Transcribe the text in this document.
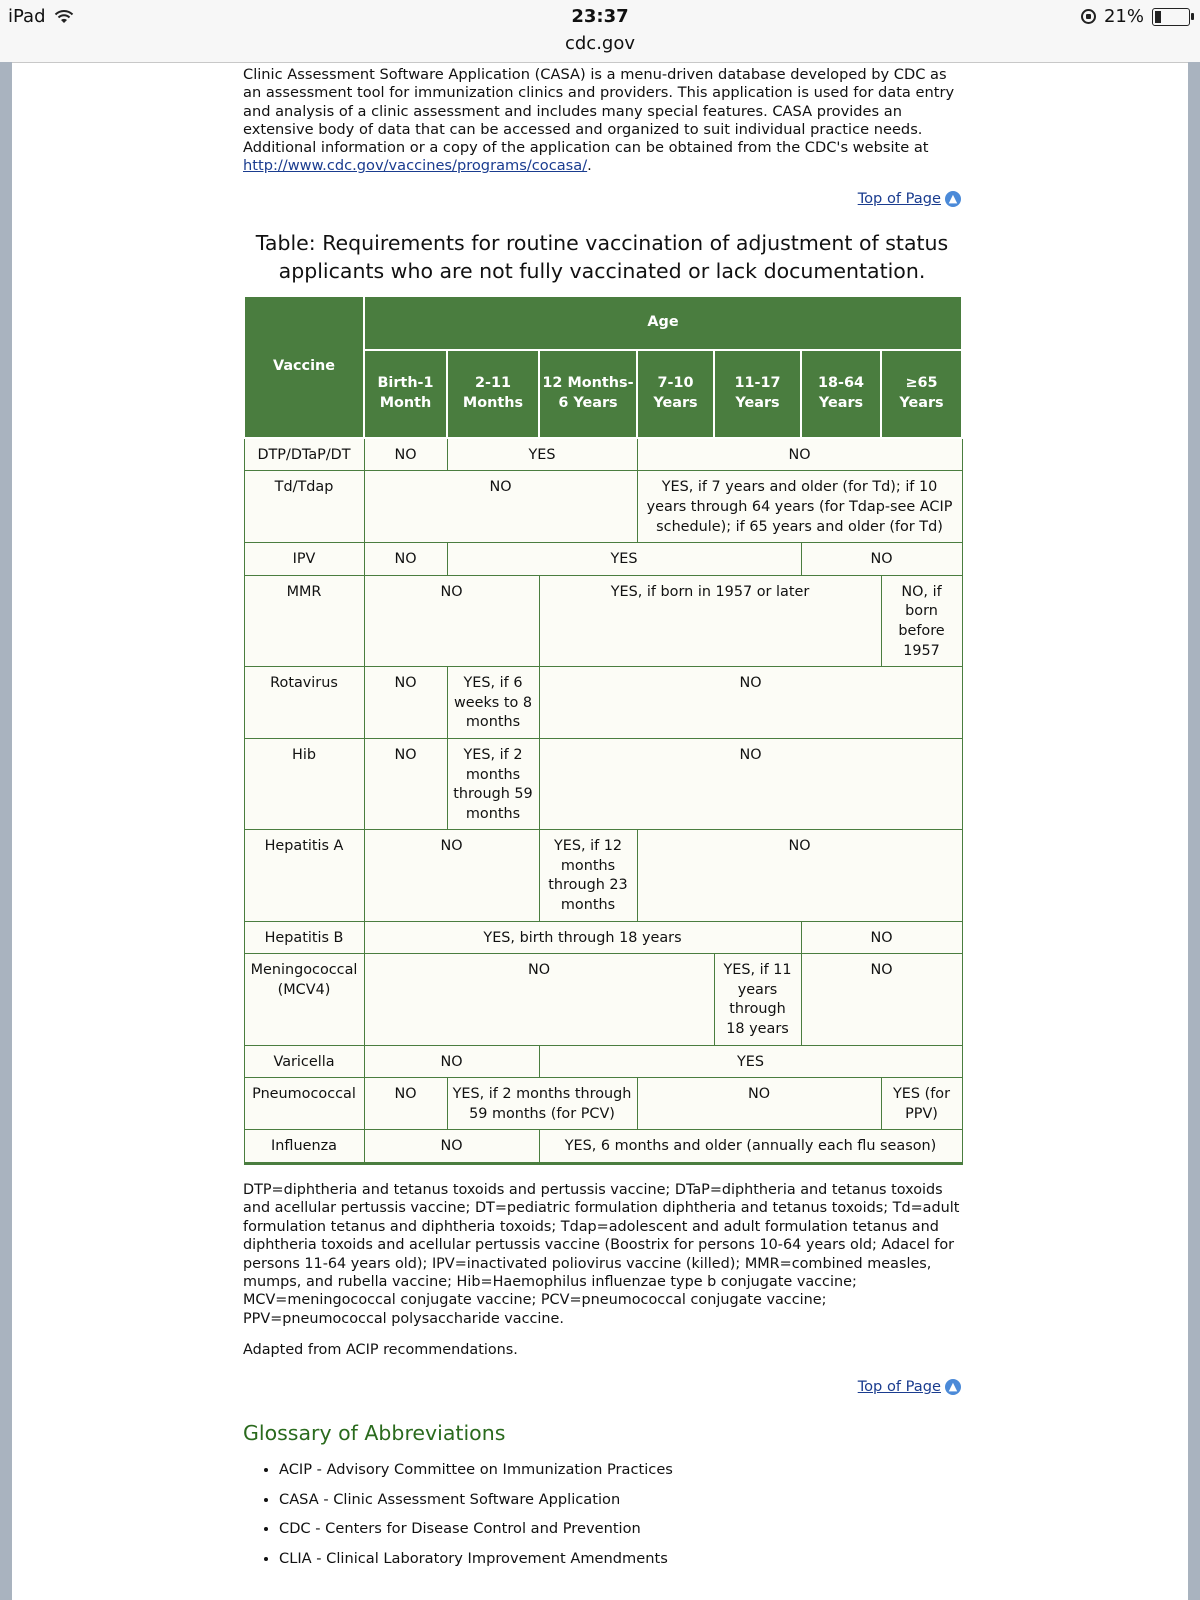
iPad	23:37
cdc.gov
21%

Clinic Assessment Software Application (CASA) is a menu-driven database developed by CDC as an assessment tool for immunization clinics and providers. This application is used for data entry and analysis of a clinic assessment and includes many special features. CASA provides an extensive body of data that can be accessed and organized to suit individual practice needs. Additional information or a copy of the application can be obtained from the CDC's website at http://www.cdc.gov/vaccines/programs/cocasa/.

Top of Page ▲
Table: Requirements for routine vaccination of adjustment of status applicants who are not fully vaccinated or lack documentation.
Vaccine	Age						
	Birth-1 Month	2-11 Months	12 Months-6 Years	7-10 Years	11-17 Years	18-64 Years	≥65 Years
DTP/DTaP/DT	NO	YES		NO			
Td/Tdap	NO			YES, if 7 years and older (for Td); if 10 years through 64 years (for Tdap-see ACIP schedule); if 65 years and older (for Td)			
IPV	NO	YES				NO	
MMR	NO		YES, if born in 1957 or later				NO, if born before 1957
Rotavirus	NO	YES, if 6 weeks to 8 months	NO				
Hib	NO	YES, if 2 months through 59 months	NO				
Hepatitis A	NO		YES, if 12 months through 23 months	NO			
Hepatitis B	YES, birth through 18 years					NO	
Meningococcal (MCV4)	NO				YES, if 11 years through 18 years	NO	
Varicella	NO		YES				
Pneumococcal	NO	YES, if 2 months through 59 months (for PCV)		NO			YES (for PPV)
Influenza	NO		YES, 6 months and older (annually each flu season)				
DTP=diphtheria and tetanus toxoids and pertussis vaccine; DTaP=diphtheria and tetanus toxoids and acellular pertussis vaccine; DT=pediatric formulation diphtheria and tetanus toxoids; Td=adult formulation tetanus and diphtheria toxoids; Tdap=adolescent and adult formulation tetanus and diphtheria toxoids and acellular pertussis vaccine (Boostrix for persons 10-64 years old; Adacel for persons 11-64 years old); IPV=inactivated poliovirus vaccine (killed); MMR=combined measles, mumps, and rubella vaccine; Hib=Haemophilus influenzae type b conjugate vaccine; MCV=meningococcal conjugate vaccine; PCV=pneumococcal conjugate vaccine; PPV=pneumococcal polysaccharide vaccine.
Adapted from ACIP recommendations.
Top of Page ▲
Glossary of Abbreviations
• ACIP - Advisory Committee on Immunization Practices
• CASA - Clinic Assessment Software Application
• CDC - Centers for Disease Control and Prevention
• CLIA - Clinical Laboratory Improvement Amendments
